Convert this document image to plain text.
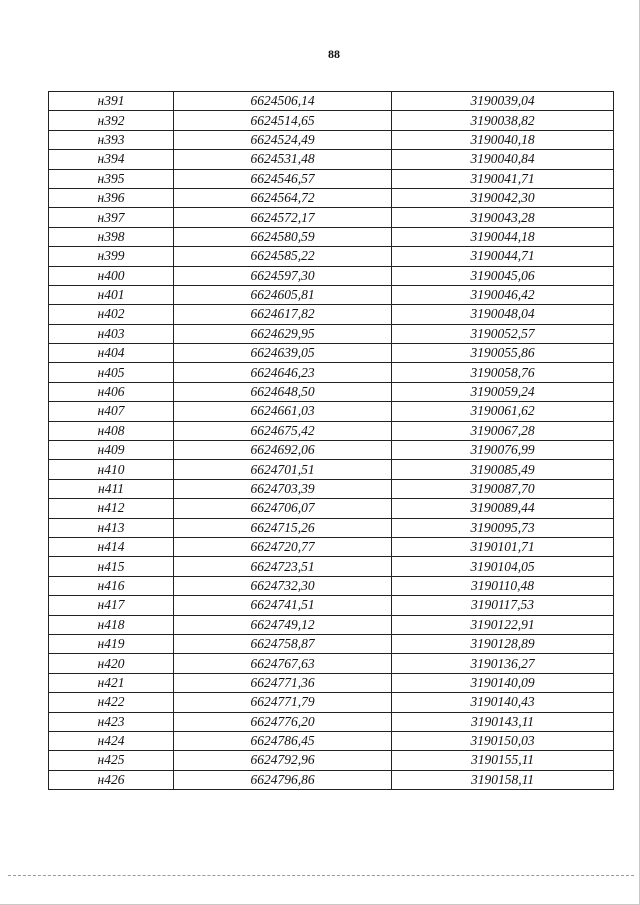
88
н391	6624506,14	3190039,04
н392	6624514,65	3190038,82
н393	6624524,49	3190040,18
н394	6624531,48	3190040,84
н395	6624546,57	3190041,71
н396	6624564,72	3190042,30
н397	6624572,17	3190043,28
н398	6624580,59	3190044,18
н399	6624585,22	3190044,71
н400	6624597,30	3190045,06
н401	6624605,81	3190046,42
н402	6624617,82	3190048,04
н403	6624629,95	3190052,57
н404	6624639,05	3190055,86
н405	6624646,23	3190058,76
н406	6624648,50	3190059,24
н407	6624661,03	3190061,62
н408	6624675,42	3190067,28
н409	6624692,06	3190076,99
н410	6624701,51	3190085,49
н411	6624703,39	3190087,70
н412	6624706,07	3190089,44
н413	6624715,26	3190095,73
н414	6624720,77	3190101,71
н415	6624723,51	3190104,05
н416	6624732,30	3190110,48
н417	6624741,51	3190117,53
н418	6624749,12	3190122,91
н419	6624758,87	3190128,89
н420	6624767,63	3190136,27
н421	6624771,36	3190140,09
н422	6624771,79	3190140,43
н423	6624776,20	3190143,11
н424	6624786,45	3190150,03
н425	6624792,96	3190155,11
н426	6624796,86	3190158,11
